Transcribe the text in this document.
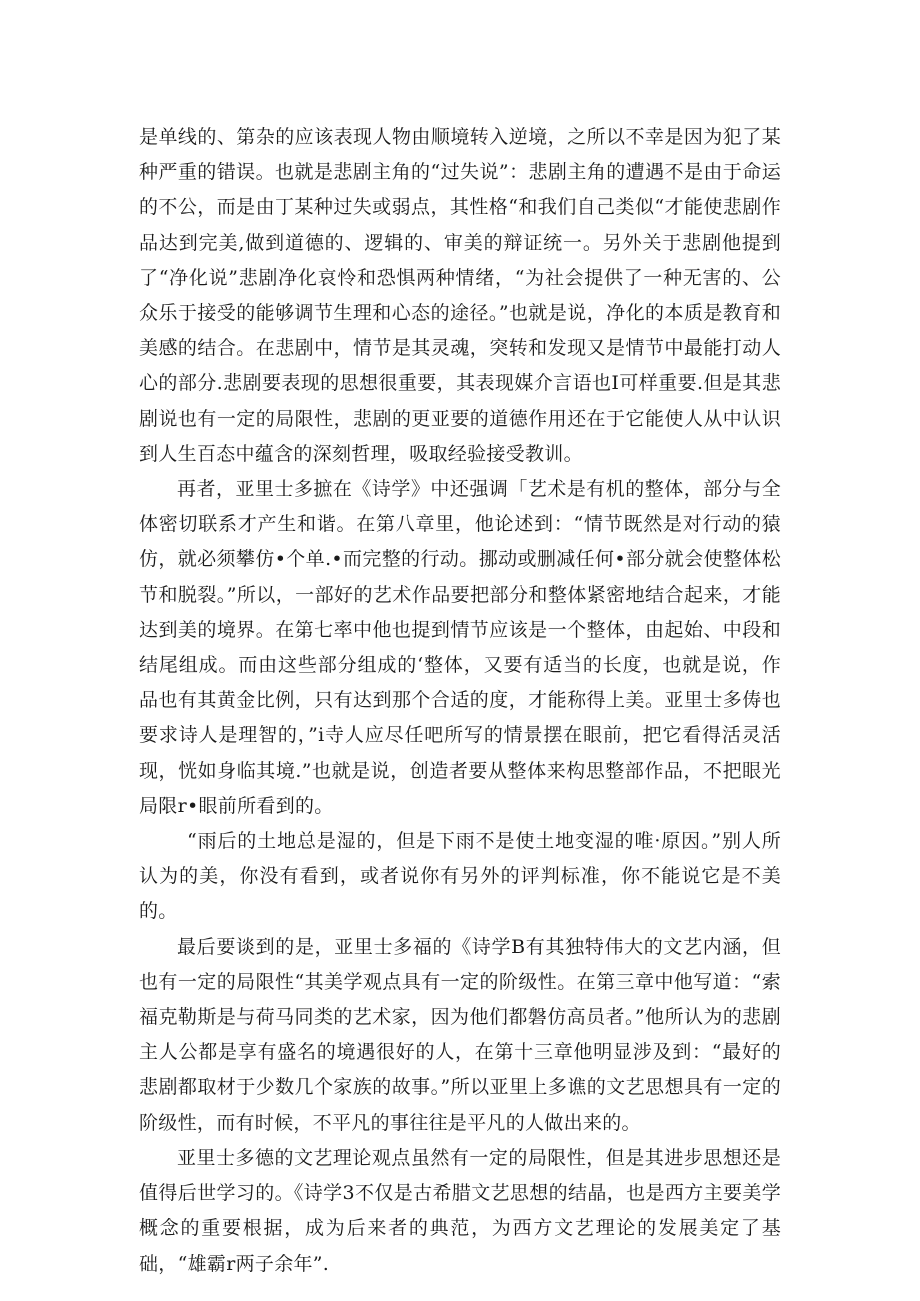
是单线的、第杂的应该表现人物由顺境转入逆境，之所以不幸是因为犯了某种严重的错误。也就是悲剧主角的“过失说”：悲剧主角的遭遇不是由于命运的不公，而是由丁某种过失或弱点，其性格“和我们自己类似“才能使悲剧作品达到完美,做到道德的、逻辑的、审美的辩证统一。另外关于悲剧他提到了“净化说”悲剧净化哀怜和恐惧两种情绪，“为社会提供了一种无害的、公众乐于接受的能够调节生理和心态的途径。”也就是说，净化的本质是教育和美感的结合。在悲剧中，情节是其灵魂，突转和发现又是情节中最能打动人心的部分.悲剧要表现的思想很重要，其表现媒介言语也I可样重要.但是其悲剧说也有一定的局限性，悲剧的更亚要的道德作用还在于它能使人从中认识到人生百态中蕴含的深刻哲理，吸取经验接受教训。

再者，亚里士多摭在《诗学》中还强调「艺术是有机的整体，部分与全体密切联系才产生和谐。在第八章里，他论述到：“情节既然是对行动的猿仿，就必须攀仿•个单.•而完整的行动。挪动或删减任何•部分就会使整体松节和脱裂。”所以，一部好的艺术作品要把部分和整体紧密地结合起来，才能达到美的境界。在第七率中他也提到情节应该是一个整体，由起始、中段和结尾组成。而由这些部分组成的‘整体，又要有适当的长度，也就是说，作品也有其黄金比例，只有达到那个合适的度，才能称得上美。亚里士多俦也要求诗人是理智的，”i寺人应尽任吧所写的情景摆在眼前，把它看得活灵活现，恍如身临其境.”也就是说，创造者要从整体来构思整部作品，不把眼光局限r•眼前所看到的。

“雨后的土地总是湿的，但是下雨不是使土地变湿的唯·原因。”别人所认为的美，你没有看到，或者说你有另外的评判标准，你不能说它是不美的。

最后要谈到的是，亚里士多福的《诗学B有其独特伟大的文艺内涵，但也有一定的局限性“其美学观点具有一定的阶级性。在第三章中他写道：“索福克勒斯是与荷马同类的艺术家，因为他们都磐仿高员者。”他所认为的悲剧主人公都是享有盛名的境遇很好的人，在第十三章他明显涉及到：“最好的悲剧都取材于少数几个家族的故事。”所以亚里上多谯的文艺思想具有一定的阶级性，而有时候，不平凡的事往往是平凡的人做出来的。

亚里士多德的文艺理论观点虽然有一定的局限性，但是其进步思想还是值得后世学习的。《诗学3不仅是古希腊文艺思想的结晶，也是西方主要美学概念的重要根据，成为后来者的典范，为西方文艺理论的发展美定了基础，“雄霸r两子余年”.
